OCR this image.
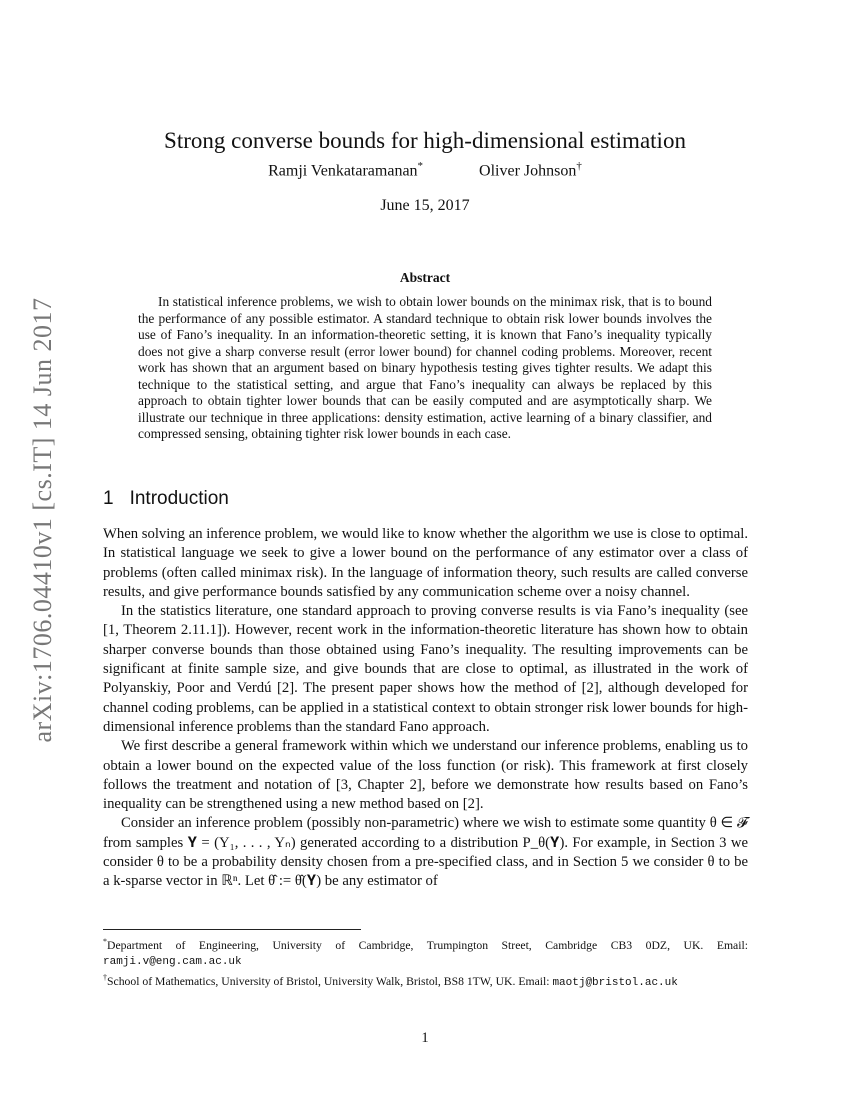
arXiv:1706.04410v1 [cs.IT] 14 Jun 2017
Strong converse bounds for high-dimensional estimation
Ramji Venkataramanan*	Oliver Johnson†
June 15, 2017
Abstract
In statistical inference problems, we wish to obtain lower bounds on the minimax risk, that is to bound the performance of any possible estimator. A standard technique to obtain risk lower bounds involves the use of Fano’s inequality. In an information-theoretic setting, it is known that Fano’s inequality typically does not give a sharp converse result (error lower bound) for channel coding problems. Moreover, recent work has shown that an argument based on binary hypothesis testing gives tighter results. We adapt this technique to the statistical setting, and argue that Fano’s inequality can always be replaced by this approach to obtain tighter lower bounds that can be easily computed and are asymptotically sharp. We illustrate our technique in three applications: density estimation, active learning of a binary classifier, and compressed sensing, obtaining tighter risk lower bounds in each case.
1 Introduction

When solving an inference problem, we would like to know whether the algorithm we use is close to optimal. In statistical language we seek to give a lower bound on the performance of any estimator over a class of problems (often called minimax risk). In the language of information theory, such results are called converse results, and give performance bounds satisfied by any communication scheme over a noisy channel.

In the statistics literature, one standard approach to proving converse results is via Fano’s inequality (see [1, Theorem 2.11.1]). However, recent work in the information-theoretic literature has shown how to obtain sharper converse bounds than those obtained using Fano’s inequality. The resulting improvements can be significant at finite sample size, and give bounds that are close to optimal, as illustrated in the work of Polyanskiy, Poor and Verdú [2]. The present paper shows how the method of [2], although developed for channel coding problems, can be applied in a statistical context to obtain stronger risk lower bounds for high-dimensional inference problems than the standard Fano approach.

We first describe a general framework within which we understand our inference problems, enabling us to obtain a lower bound on the expected value of the loss function (or risk). This framework at first closely follows the treatment and notation of [3, Chapter 2], before we demonstrate how results based on Fano’s inequality can be strengthened using a new method based on [2].

Consider an inference problem (possibly non-parametric) where we wish to estimate some quantity θ ∈ 𝓕 from samples 𝐘 = (Y₁, . . . , Yₙ) generated according to a distribution P_θ(𝐘). For example, in Section 3 we consider θ to be a probability density chosen from a pre-specified class, and in Section 5 we consider θ to be a k-sparse vector in ℝⁿ. Let θ̂ := θ̂(𝐘) be any estimator of

*Department of Engineering, University of Cambridge, Trumpington Street, Cambridge CB3 0DZ, UK. Email: ramji.v@eng.cam.ac.uk

†School of Mathematics, University of Bristol, University Walk, Bristol, BS8 1TW, UK. Email: maotj@bristol.ac.uk

1
